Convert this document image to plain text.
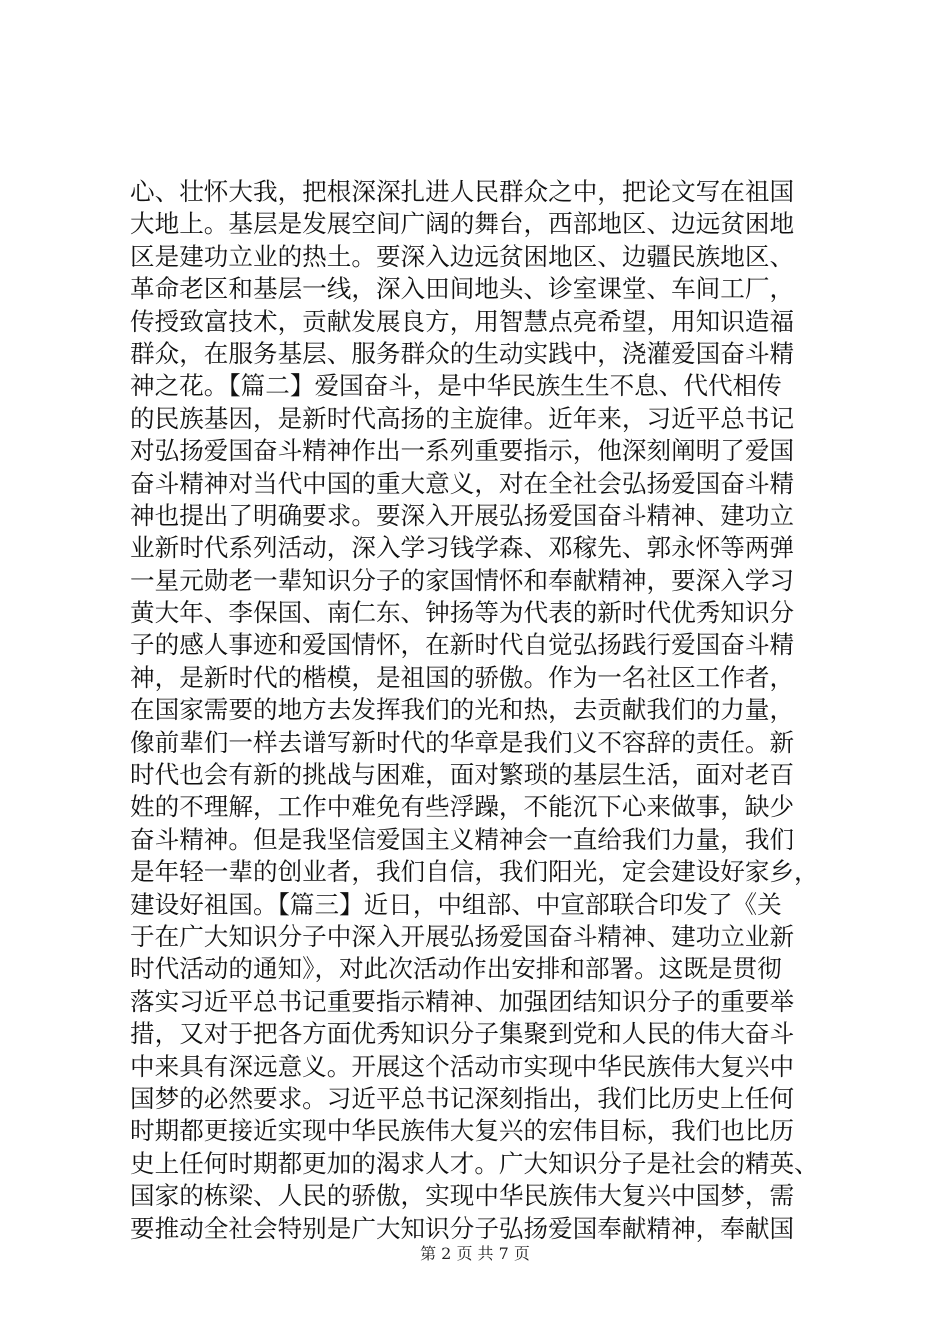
心、壮怀大我，把根深深扎进人民群众之中，把论文写在祖国
大地上。基层是发展空间广阔的舞台，西部地区、边远贫困地
区是建功立业的热土。要深入边远贫困地区、边疆民族地区、
革命老区和基层一线，深入田间地头、诊室课堂、车间工厂，
传授致富技术，贡献发展良方，用智慧点亮希望，用知识造福
群众，在服务基层、服务群众的生动实践中，浇灌爱国奋斗精
神之花。【篇二】爱国奋斗，是中华民族生生不息、代代相传
的民族基因，是新时代高扬的主旋律。近年来，习近平总书记
对弘扬爱国奋斗精神作出一系列重要指示，他深刻阐明了爱国
奋斗精神对当代中国的重大意义，对在全社会弘扬爱国奋斗精
神也提出了明确要求。要深入开展弘扬爱国奋斗精神、建功立
业新时代系列活动，深入学习钱学森、邓稼先、郭永怀等两弹
一星元勋老一辈知识分子的家国情怀和奉献精神，要深入学习
黄大年、李保国、南仁东、钟扬等为代表的新时代优秀知识分
子的感人事迹和爱国情怀，在新时代自觉弘扬践行爱国奋斗精
神，是新时代的楷模，是祖国的骄傲。作为一名社区工作者，
在国家需要的地方去发挥我们的光和热，去贡献我们的力量，
像前辈们一样去谱写新时代的华章是我们义不容辞的责任。新
时代也会有新的挑战与困难，面对繁琐的基层生活，面对老百
姓的不理解，工作中难免有些浮躁，不能沉下心来做事，缺少
奋斗精神。但是我坚信爱国主义精神会一直给我们力量，我们
是年轻一辈的创业者，我们自信，我们阳光，定会建设好家乡，
建设好祖国。【篇三】近日，中组部、中宣部联合印发了《关
于在广大知识分子中深入开展弘扬爱国奋斗精神、建功立业新
时代活动的通知》，对此次活动作出安排和部署。这既是贯彻
落实习近平总书记重要指示精神、加强团结知识分子的重要举
措，又对于把各方面优秀知识分子集聚到党和人民的伟大奋斗
中来具有深远意义。开展这个活动市实现中华民族伟大复兴中
国梦的必然要求。习近平总书记深刻指出，我们比历史上任何
时期都更接近实现中华民族伟大复兴的宏伟目标，我们也比历
史上任何时期都更加的渴求人才。广大知识分子是社会的精英、
国家的栋梁、人民的骄傲，实现中华民族伟大复兴中国梦，需
要推动全社会特别是广大知识分子弘扬爱国奉献精神，奉献国
第 2 页 共 7 页
